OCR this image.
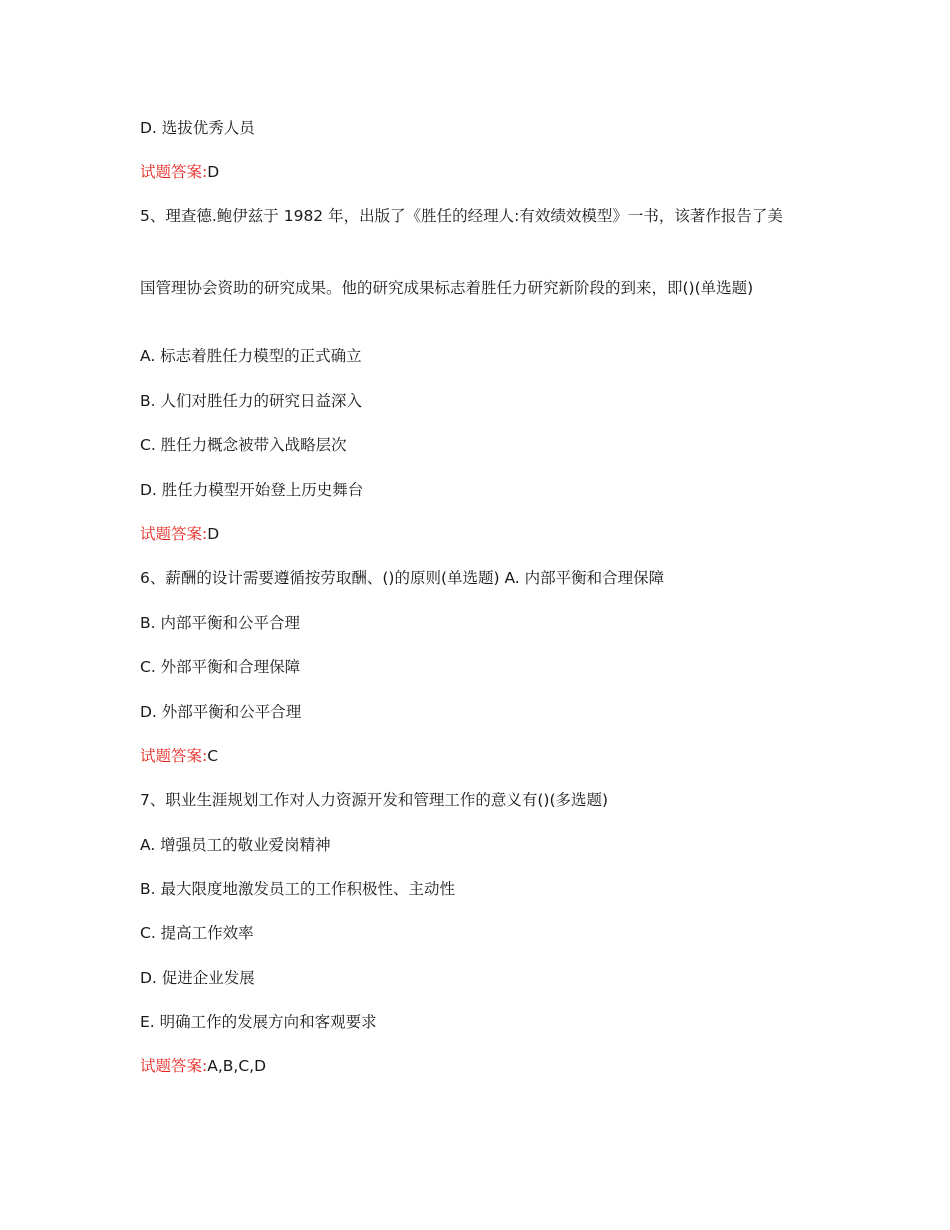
D. 选拔优秀人员
试题答案:D
5、理查德.鲍伊兹于 1982 年，出版了《胜任的经理人:有效绩效模型》一书，该著作报告了美
国管理协会资助的研究成果。他的研究成果标志着胜任力研究新阶段的到来，即()(单选题)
A. 标志着胜任力模型的正式确立
B. 人们对胜任力的研究日益深入
C. 胜任力概念被带入战略层次
D. 胜任力模型开始登上历史舞台
试题答案:D
6、薪酬的设计需要遵循按劳取酬、()的原则(单选题) A. 内部平衡和合理保障
B. 内部平衡和公平合理
C. 外部平衡和合理保障
D. 外部平衡和公平合理
试题答案:C
7、职业生涯规划工作对人力资源开发和管理工作的意义有()(多选题)
A. 增强员工的敬业爱岗精神
B. 最大限度地激发员工的工作积极性、主动性
C. 提高工作效率
D. 促进企业发展
E. 明确工作的发展方向和客观要求
试题答案:A,B,C,D
